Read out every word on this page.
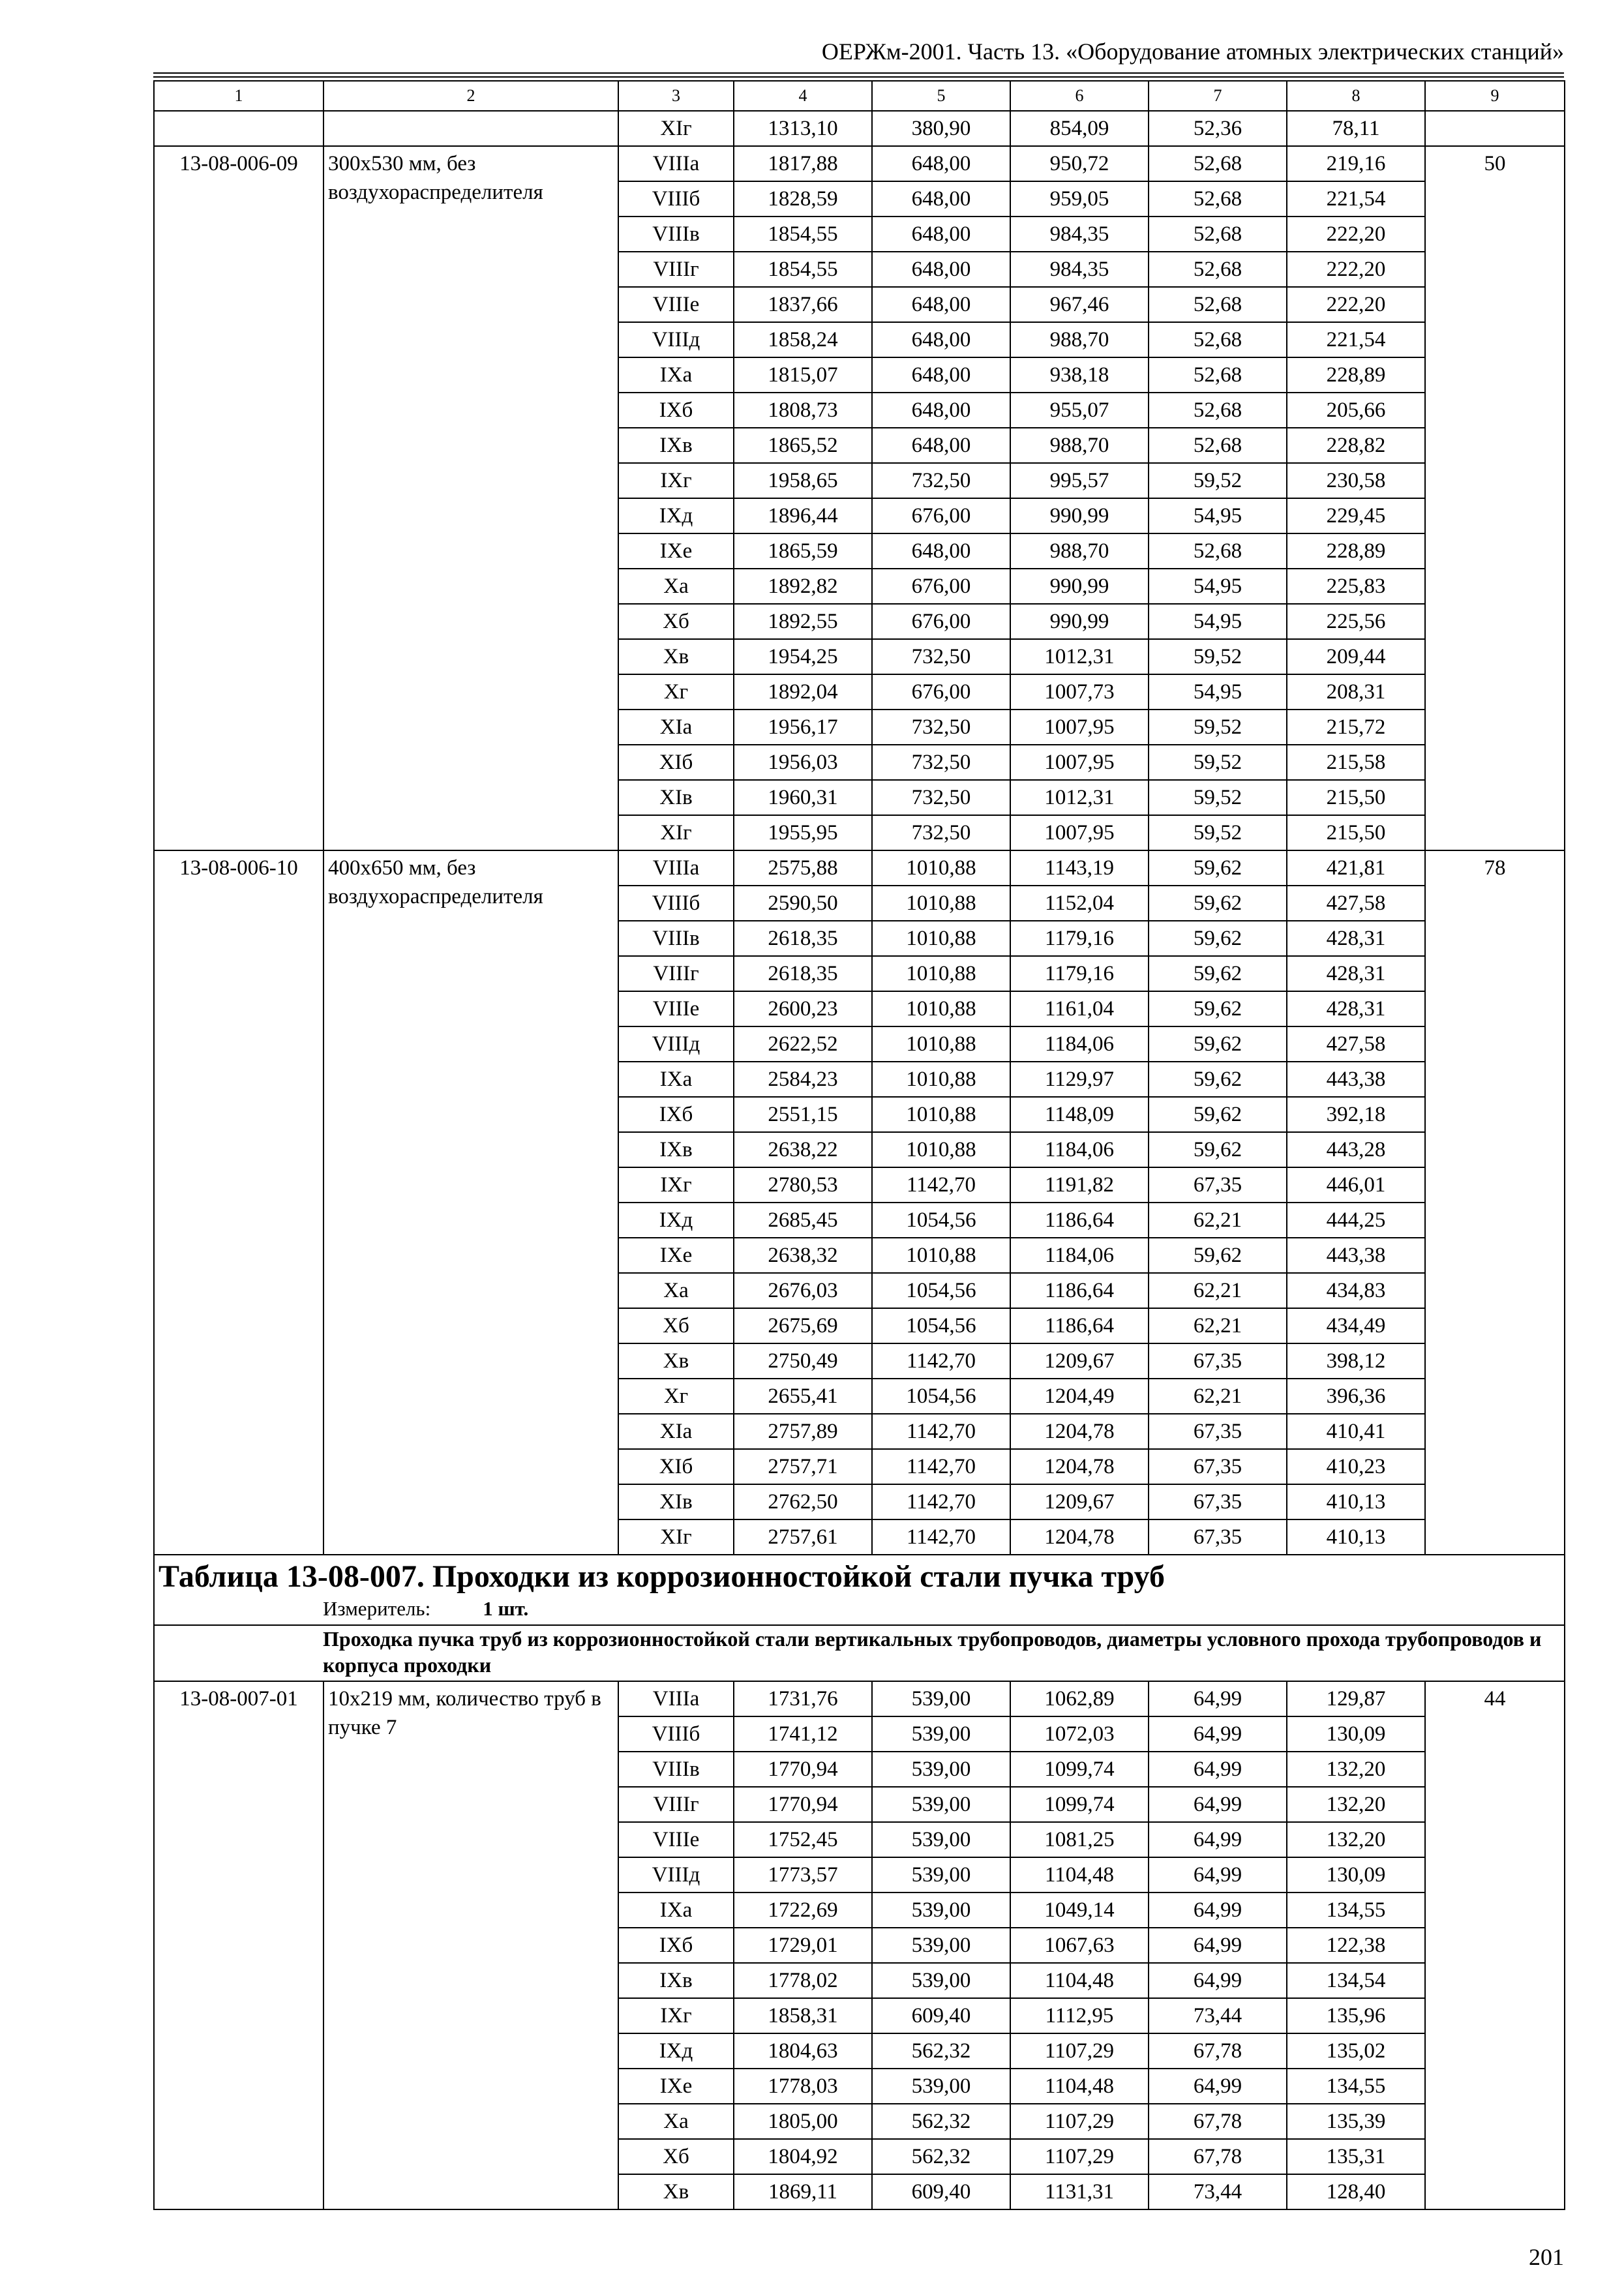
ОЕРЖм-2001. Часть 13. «Оборудование атомных электрических станций»
1	2	3	4	5	6	7	8	9
		XIг	1313,10	380,90	854,09	52,36	78,11	
13-08-006-09	300x530 мм, без воздухораспределителя	VIIIа	1817,88	648,00	950,72	52,68	219,16	50
		VIIIб	1828,59	648,00	959,05	52,68	221,54	
		VIIIв	1854,55	648,00	984,35	52,68	222,20	
		VIIIг	1854,55	648,00	984,35	52,68	222,20	
		VIIIе	1837,66	648,00	967,46	52,68	222,20	
		VIIIд	1858,24	648,00	988,70	52,68	221,54	
		IXа	1815,07	648,00	938,18	52,68	228,89	
		IXб	1808,73	648,00	955,07	52,68	205,66	
		IXв	1865,52	648,00	988,70	52,68	228,82	
		IXг	1958,65	732,50	995,57	59,52	230,58	
		IXд	1896,44	676,00	990,99	54,95	229,45	
		IXе	1865,59	648,00	988,70	52,68	228,89	
		Xа	1892,82	676,00	990,99	54,95	225,83	
		Xб	1892,55	676,00	990,99	54,95	225,56	
		Xв	1954,25	732,50	1012,31	59,52	209,44	
		Xг	1892,04	676,00	1007,73	54,95	208,31	
		XIа	1956,17	732,50	1007,95	59,52	215,72	
		XIб	1956,03	732,50	1007,95	59,52	215,58	
		XIв	1960,31	732,50	1012,31	59,52	215,50	
		XIг	1955,95	732,50	1007,95	59,52	215,50	
13-08-006-10	400x650 мм, без воздухораспределителя	VIIIа	2575,88	1010,88	1143,19	59,62	421,81	78
		VIIIб	2590,50	1010,88	1152,04	59,62	427,58	
		VIIIв	2618,35	1010,88	1179,16	59,62	428,31	
		VIIIг	2618,35	1010,88	1179,16	59,62	428,31	
		VIIIе	2600,23	1010,88	1161,04	59,62	428,31	
		VIIIд	2622,52	1010,88	1184,06	59,62	427,58	
		IXа	2584,23	1010,88	1129,97	59,62	443,38	
		IXб	2551,15	1010,88	1148,09	59,62	392,18	
		IXв	2638,22	1010,88	1184,06	59,62	443,28	
		IXг	2780,53	1142,70	1191,82	67,35	446,01	
		IXд	2685,45	1054,56	1186,64	62,21	444,25	
		IXе	2638,32	1010,88	1184,06	59,62	443,38	
		Xа	2676,03	1054,56	1186,64	62,21	434,83	
		Xб	2675,69	1054,56	1186,64	62,21	434,49	
		Xв	2750,49	1142,70	1209,67	67,35	398,12	
		Xг	2655,41	1054,56	1204,49	62,21	396,36	
		XIа	2757,89	1142,70	1204,78	67,35	410,41	
		XIб	2757,71	1142,70	1204,78	67,35	410,23	
		XIв	2762,50	1142,70	1209,67	67,35	410,13	
		XIг	2757,61	1142,70	1204,78	67,35	410,13	

Таблица 13-08-007. Проходки из коррозионностойкой стали пучка труб
Измеритель: 1 шт.								

Проходка пучка труб из коррозионностойкой стали вертикальных трубопроводов, диаметры условного прохода трубопроводов и корпуса проходки								
13-08-007-01	10x219 мм, количество труб в пучке 7	VIIIа	1731,76	539,00	1062,89	64,99	129,87	44
		VIIIб	1741,12	539,00	1072,03	64,99	130,09	
		VIIIв	1770,94	539,00	1099,74	64,99	132,20	
		VIIIг	1770,94	539,00	1099,74	64,99	132,20	
		VIIIе	1752,45	539,00	1081,25	64,99	132,20	
		VIIIд	1773,57	539,00	1104,48	64,99	130,09	
		IXа	1722,69	539,00	1049,14	64,99	134,55	
		IXб	1729,01	539,00	1067,63	64,99	122,38	
		IXв	1778,02	539,00	1104,48	64,99	134,54	
		IXг	1858,31	609,40	1112,95	73,44	135,96	
		IXд	1804,63	562,32	1107,29	67,78	135,02	
		IXе	1778,03	539,00	1104,48	64,99	134,55	
		Xа	1805,00	562,32	1107,29	67,78	135,39	
		Xб	1804,92	562,32	1107,29	67,78	135,31	
		Xв	1869,11	609,40	1131,31	73,44	128,40	
201
